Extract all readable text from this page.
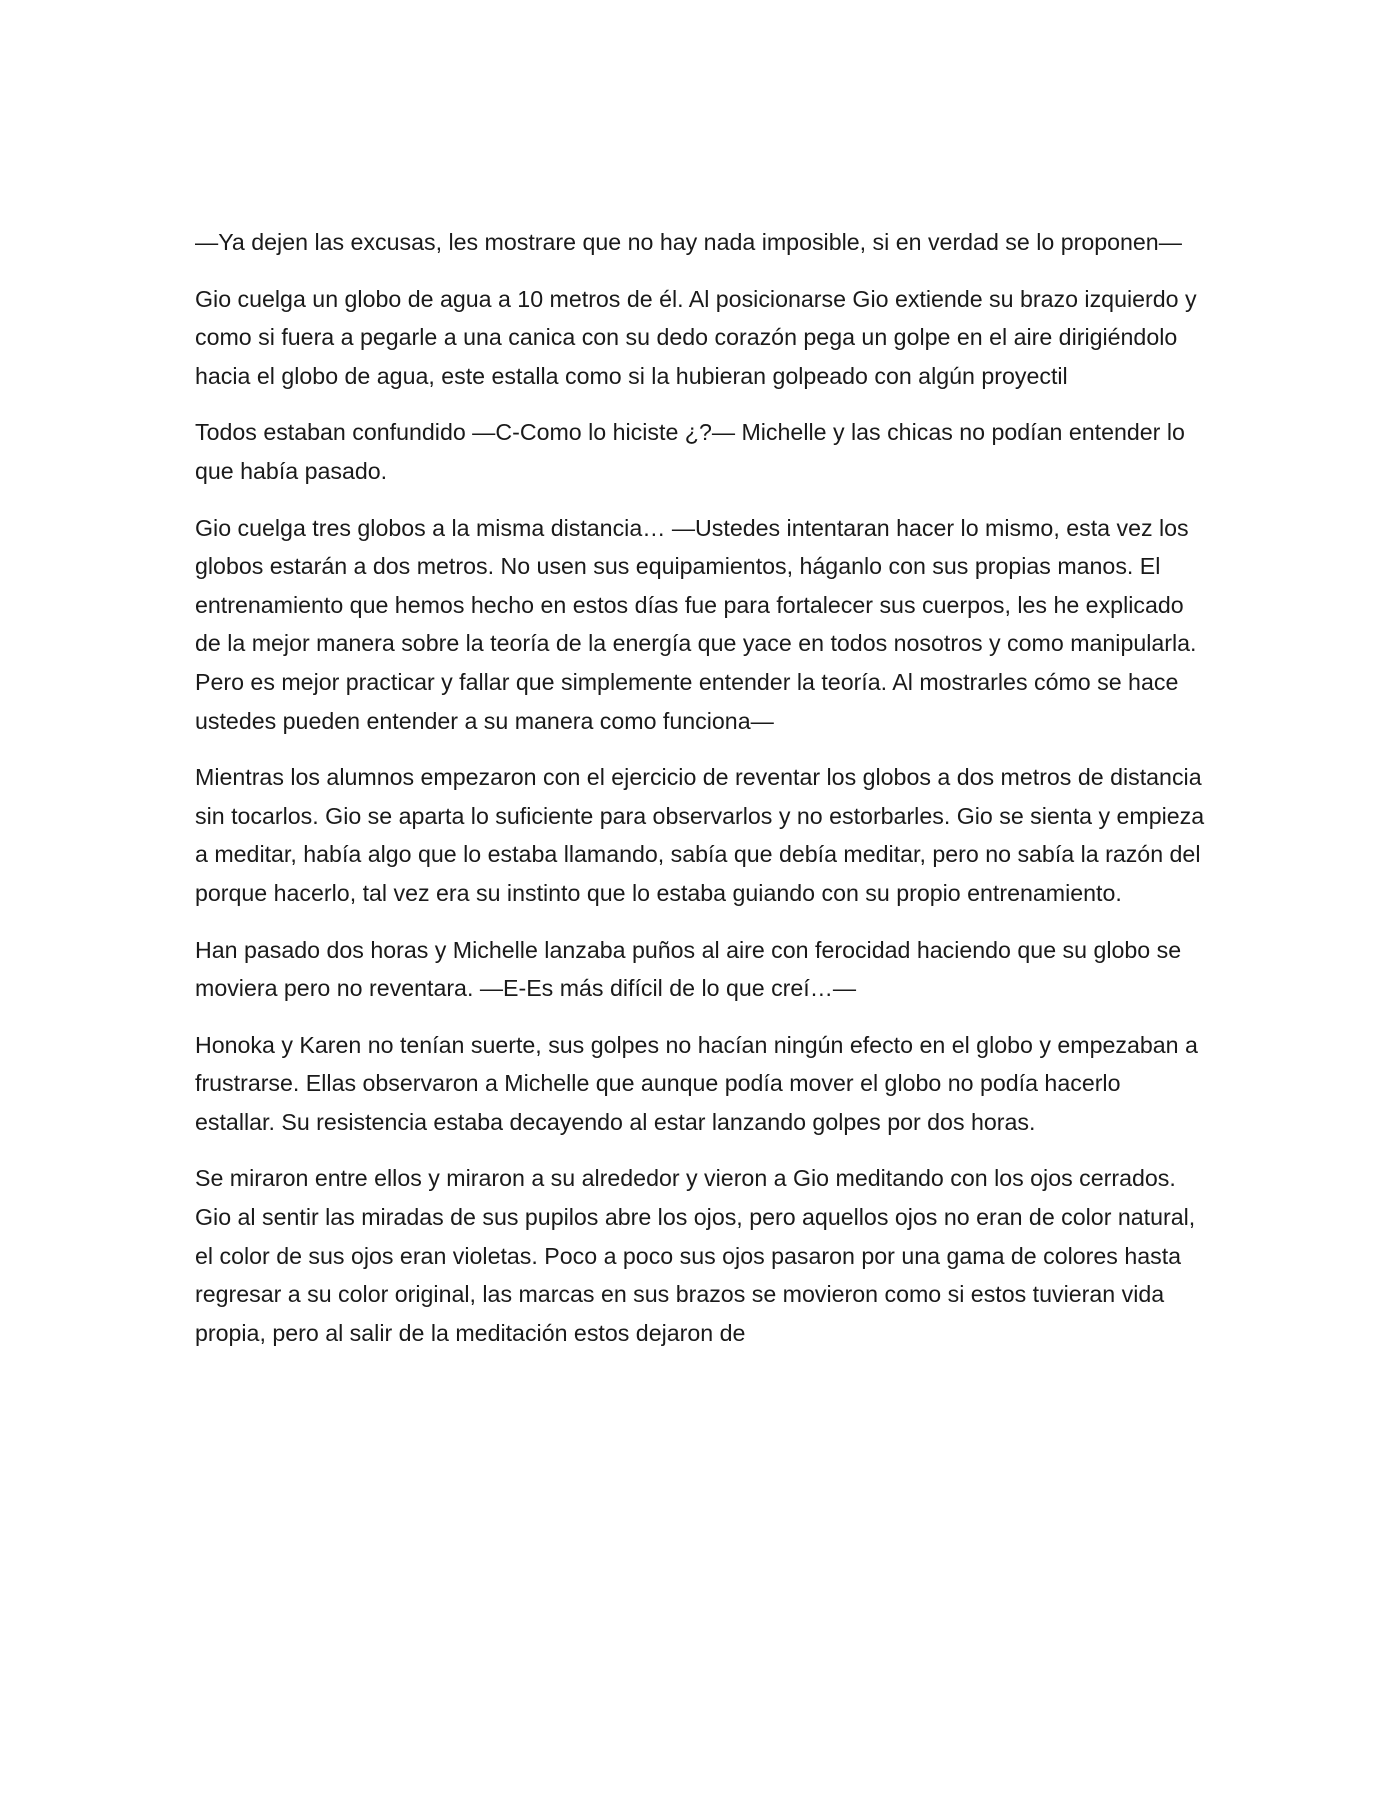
—Ya dejen las excusas, les mostrare que no hay nada imposible, si en verdad se lo proponen—

Gio cuelga un globo de agua a 10 metros de él. Al posicionarse Gio extiende su brazo izquierdo y como si fuera a pegarle a una canica con su dedo corazón pega un golpe en el aire dirigiéndolo hacia el globo de agua, este estalla como si la hubieran golpeado con algún proyectil

Todos estaban confundido —C-Como lo hiciste ¿?— Michelle y las chicas no podían entender lo que había pasado.

Gio cuelga tres globos a la misma distancia… —Ustedes intentaran hacer lo mismo, esta vez los globos estarán a dos metros. No usen sus equipamientos, háganlo con sus propias manos. El entrenamiento que hemos hecho en estos días fue para fortalecer sus cuerpos, les he explicado de la mejor manera sobre la teoría de la energía que yace en todos nosotros y como manipularla. Pero es mejor practicar y fallar que simplemente entender la teoría. Al mostrarles cómo se hace ustedes pueden entender a su manera como funciona—

Mientras los alumnos empezaron con el ejercicio de reventar los globos a dos metros de distancia sin tocarlos. Gio se aparta lo suficiente para observarlos y no estorbarles. Gio se sienta y empieza a meditar, había algo que lo estaba llamando, sabía que debía meditar, pero no sabía la razón del porque hacerlo, tal vez era su instinto que lo estaba guiando con su propio entrenamiento.

Han pasado dos horas y Michelle lanzaba puños al aire con ferocidad haciendo que su globo se moviera pero no reventara. —E-Es más difícil de lo que creí…—

Honoka y Karen no tenían suerte, sus golpes no hacían ningún efecto en el globo y empezaban a frustrarse. Ellas observaron a Michelle que aunque podía mover el globo no podía hacerlo estallar. Su resistencia estaba decayendo al estar lanzando golpes por dos horas.

Se miraron entre ellos y miraron a su alrededor y vieron a Gio meditando con los ojos cerrados. Gio al sentir las miradas de sus pupilos abre los ojos, pero aquellos ojos no eran de color natural, el color de sus ojos eran violetas. Poco a poco sus ojos pasaron por una gama de colores hasta regresar a su color original, las marcas en sus brazos se movieron como si estos tuvieran vida propia, pero al salir de la meditación estos dejaron de
